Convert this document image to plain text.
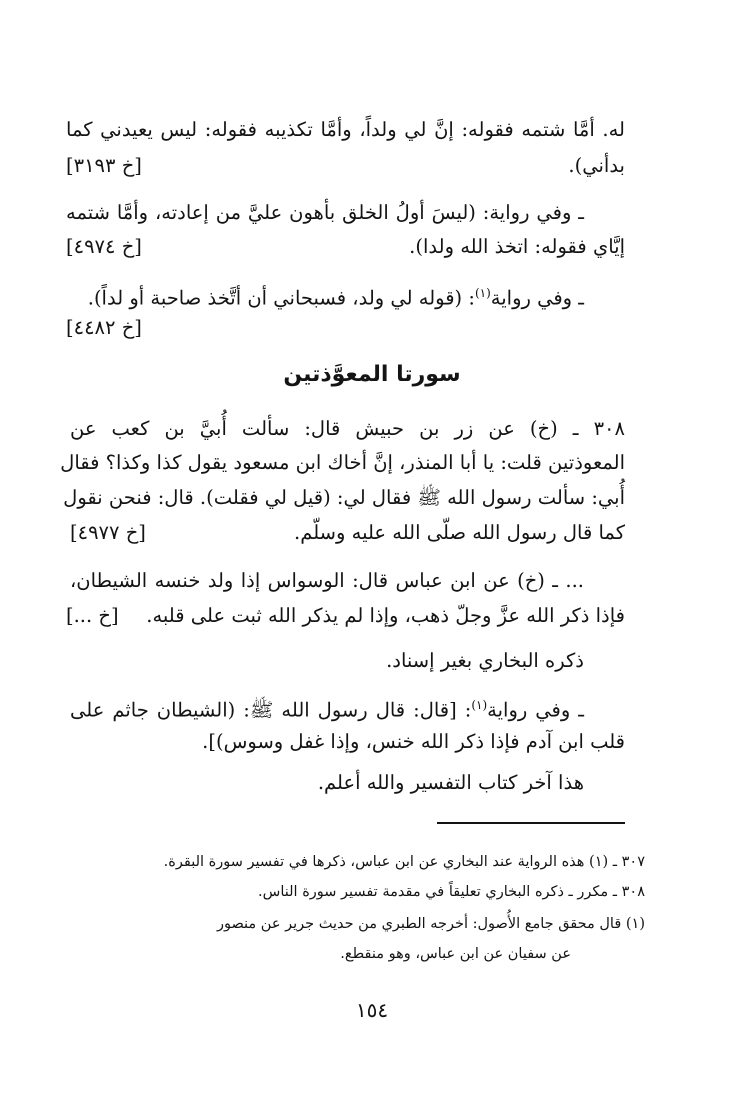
له. أمَّا شتمه فقوله: إنَّ لي ولداً، وأمَّا تكذيبه فقوله: ليس يعيدني كما
بدأني).
[خ ٣١٩٣]
ـ وفي رواية: (ليسَ أولُ الخلق بأهون عليَّ من إعادته، وأمَّا شتمه
إيَّاي فقوله: اتخذ الله ولدا).
[خ ٤٩٧٤]
ـ وفي رواية$^{(١)}$: (قوله لي ولد، فسبحاني أن أتَّخذ صاحبة أو لداً).
[خ ٤٤٨٢]
سورتا المعوَّذتين
٣٠٨ ـ (خ) عن زر بن حبيش قال: سألت أُبيَّ بن كعب عن
المعوذتين قلت: يا أبا المنذر، إنَّ أخاك ابن مسعود يقول كذا وكذا؟ فقال
أُبي: سألت رسول الله ﷺ فقال لي: (قيل لي فقلت). قال: فنحن نقول
كما قال رسول الله صلّى الله عليه وسلّم.
[خ ٤٩٧٧]
... ـ (خ) عن ابن عباس قال: الوسواس إذا ولد خنسه الشيطان،
فإذا ذكر الله عزَّ وجلّ ذهب، وإذا لم يذكر الله ثبت على قلبه.
[خ ...]
ذكره البخاري بغير إسناد.
ـ وفي رواية$^{(١)}$: [قال: قال رسول الله ﷺ: (الشيطان جاثم على
قلب ابن آدم فإذا ذكر الله خنس، وإذا غفل وسوس)].
هذا آخر كتاب التفسير والله أعلم.
٣٠٧ ـ (١) هذه الرواية عند البخاري عن ابن عباس، ذكرها في تفسير سورة البقرة.
٣٠٨ ـ مكرر ـ ذكره البخاري تعليقاً في مقدمة تفسير سورة الناس.
(١) قال محقق جامع الأُصول: أخرجه الطبري من حديث جرير عن منصور
عن سفيان عن ابن عباس، وهو منقطع.
١٥٤
